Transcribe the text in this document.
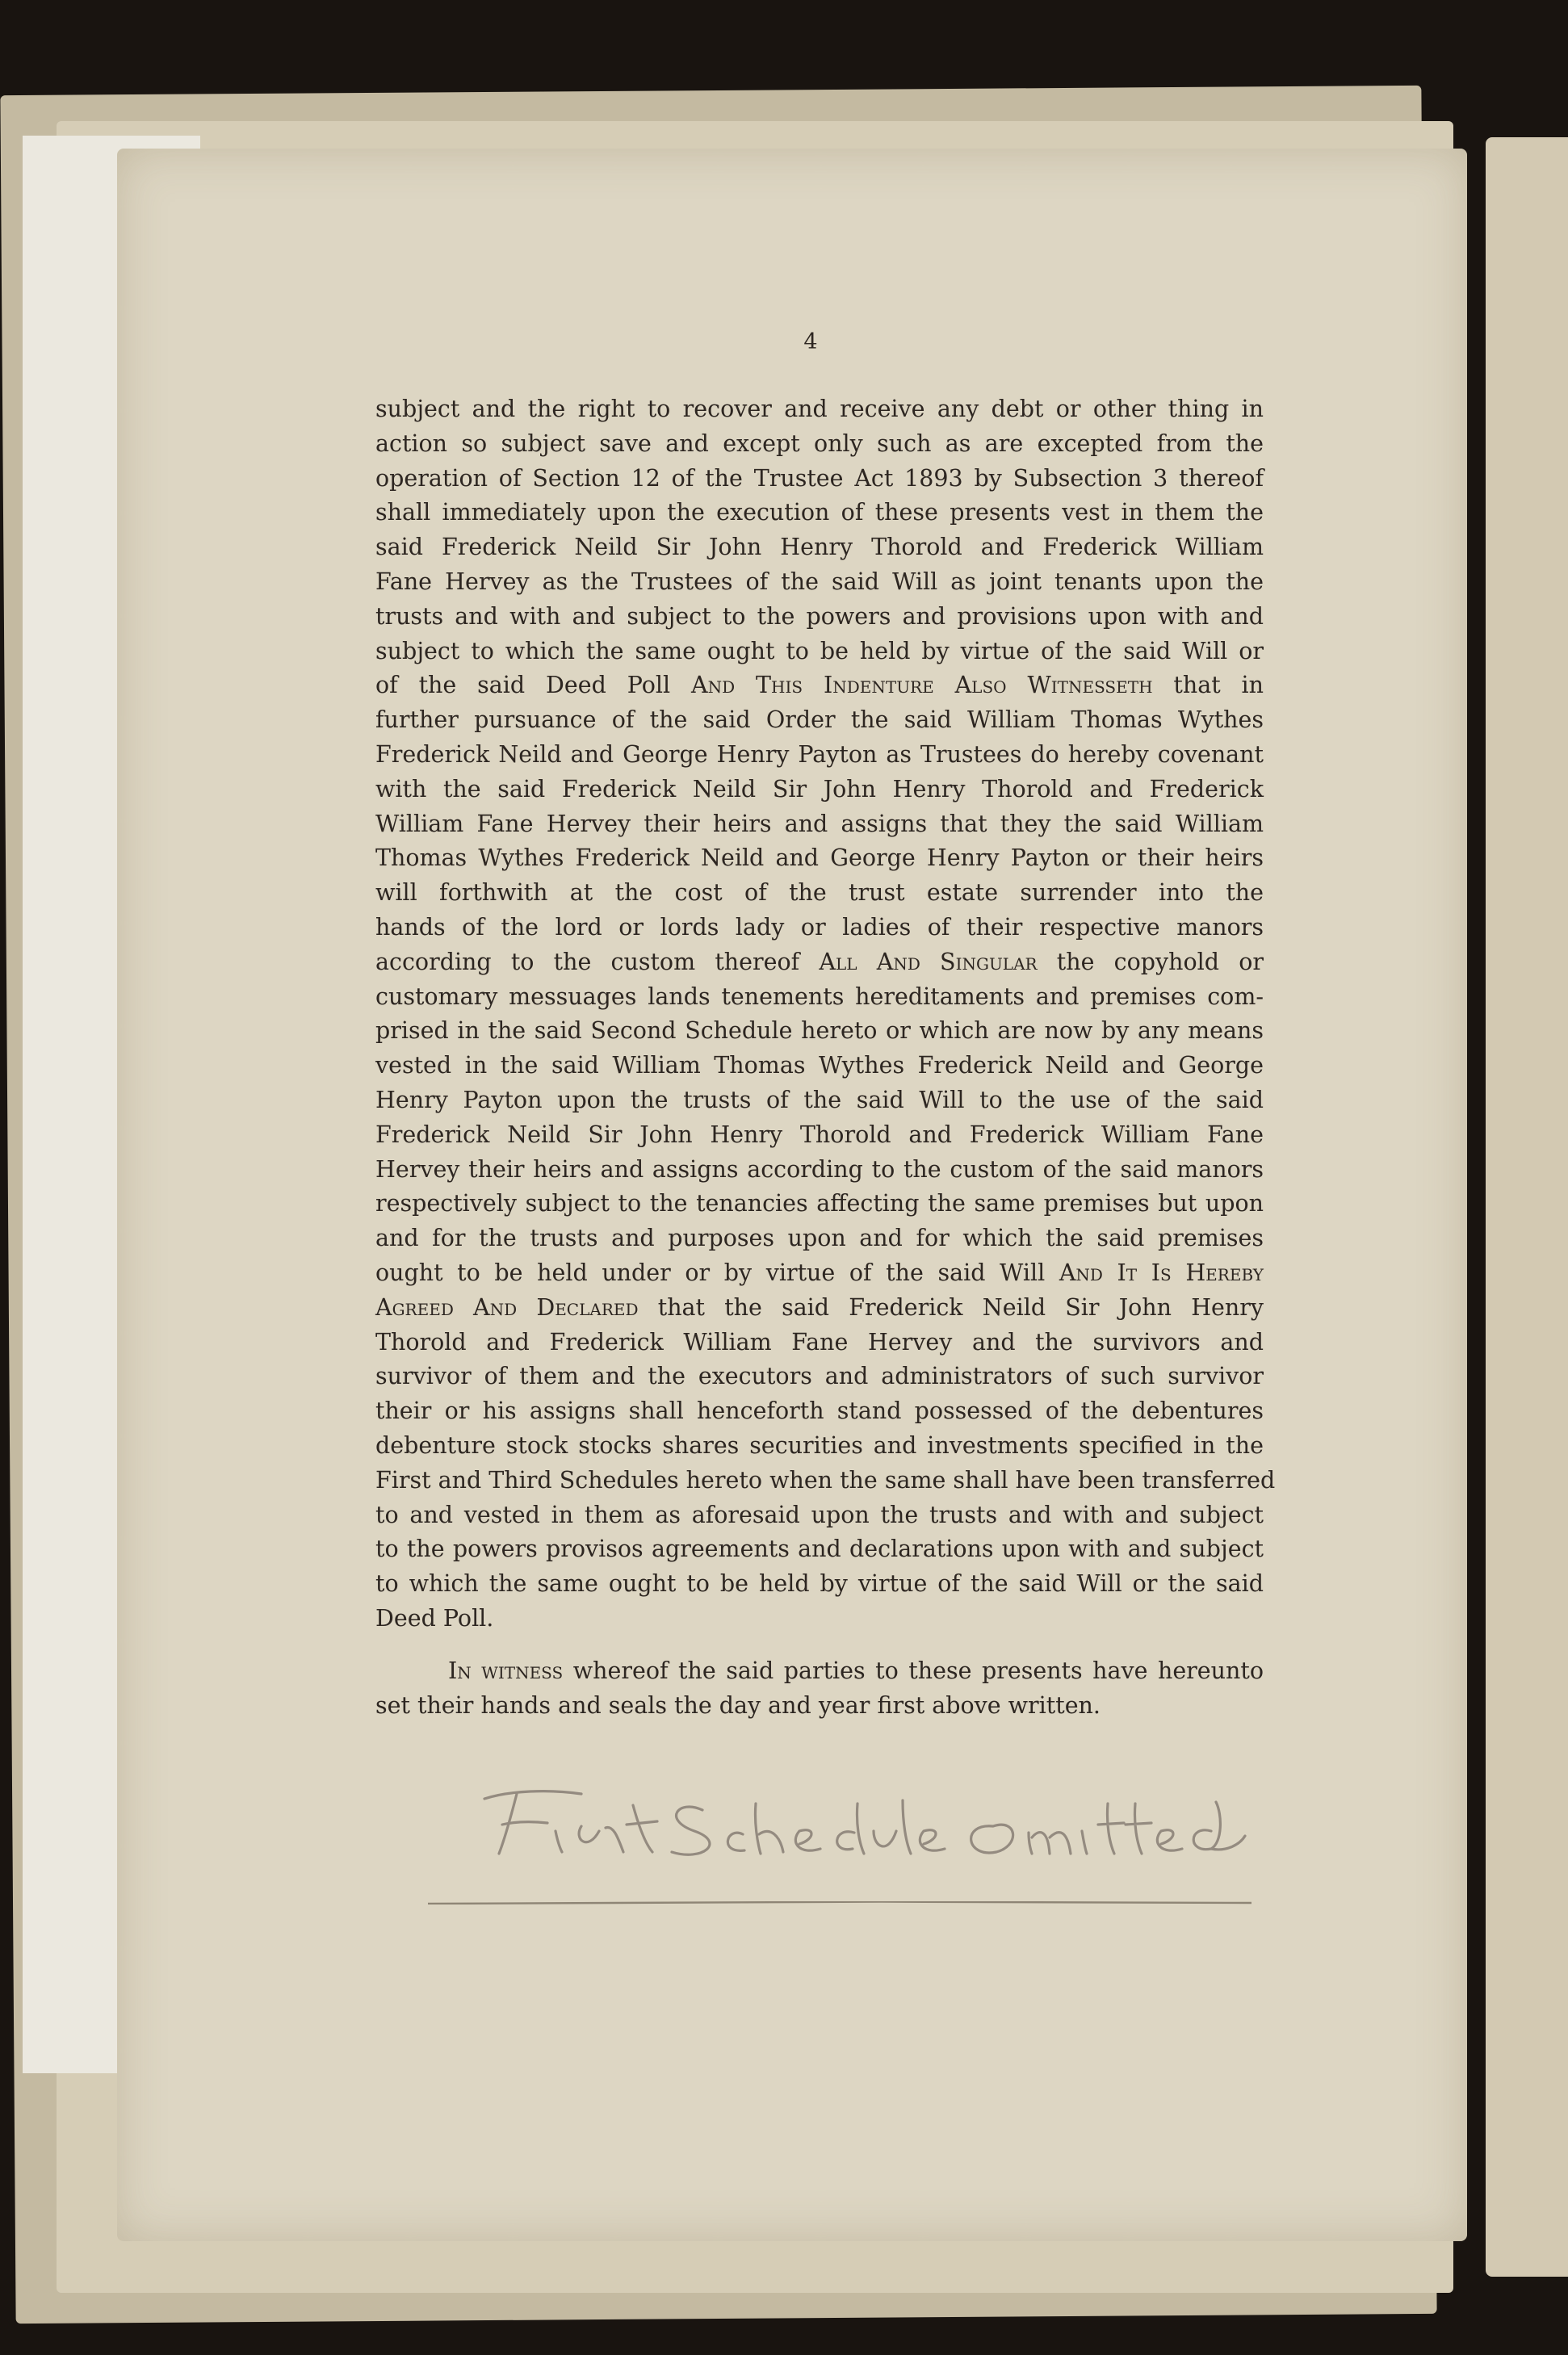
4
subject and the right to recover and receive any debt or other thing in
action so subject save and except only such as are excepted from the
operation of Section 12 of the Trustee Act 1893 by Subsection 3 thereof
shall immediately upon the execution of these presents vest in them the
said Frederick Neild Sir John Henry Thorold and Frederick William
Fane Hervey as the Trustees of the said Will as joint tenants upon the
trusts and with and subject to the powers and provisions upon with and
subject to which the same ought to be held by virtue of the said Will or
of the said Deed Poll And This Indenture Also Witnesseth that in
further pursuance of the said Order the said William Thomas Wythes
Frederick Neild and George Henry Payton as Trustees do hereby covenant
with the said Frederick Neild Sir John Henry Thorold and Frederick
William Fane Hervey their heirs and assigns that they the said William
Thomas Wythes Frederick Neild and George Henry Payton or their heirs
will forthwith at the cost of the trust estate surrender into the
hands of the lord or lords lady or ladies of their respective manors
according to the custom thereof All And Singular the copyhold or
customary messuages lands tenements hereditaments and premises com-
prised in the said Second Schedule hereto or which are now by any means
vested in the said William Thomas Wythes Frederick Neild and George
Henry Payton upon the trusts of the said Will to the use of the said
Frederick Neild Sir John Henry Thorold and Frederick William Fane
Hervey their heirs and assigns according to the custom of the said manors
respectively subject to the tenancies affecting the same premises but upon
and for the trusts and purposes upon and for which the said premises
ought to be held under or by virtue of the said Will And It Is Hereby
Agreed And Declared that the said Frederick Neild Sir John Henry
Thorold and Frederick William Fane Hervey and the survivors and
survivor of them and the executors and administrators of such survivor
their or his assigns shall henceforth stand possessed of the debentures
debenture stock stocks shares securities and investments specified in the
First and Third Schedules hereto when the same shall have been transferred
to and vested in them as aforesaid upon the trusts and with and subject
to the powers provisos agreements and declarations upon with and subject
to which the same ought to be held by virtue of the said Will or the said
Deed Poll.
In witness whereof the said parties to these presents have hereunto
set their hands and seals the day and year first above written.
First Schedule Omitted
